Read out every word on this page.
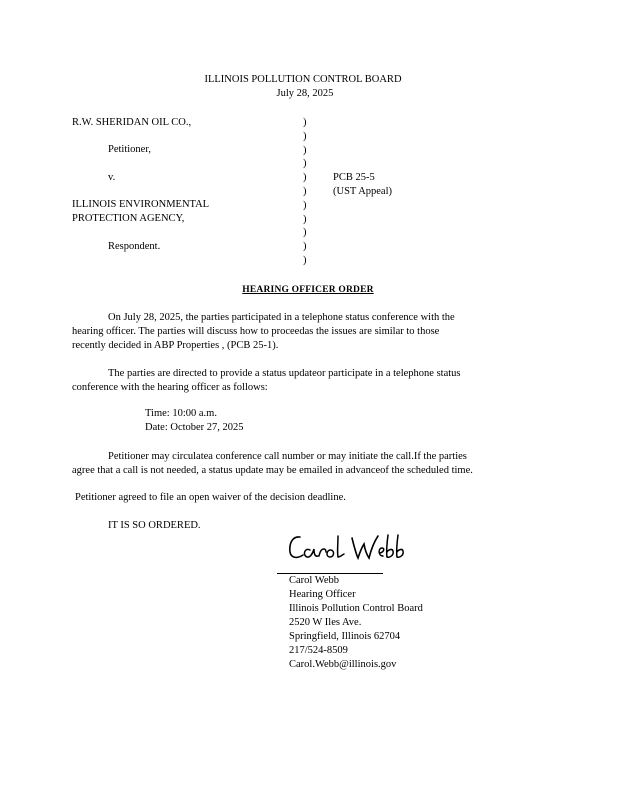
ILLINOIS POLLUTION CONTROL BOARD
July 28, 2025
R.W. SHERIDAN OIL CO.,
Petitioner,
v.
ILLINOIS ENVIRONMENTAL
PROTECTION AGENCY,
Respondent.
)
)
)
)
)
)
)
)
)
)
)
PCB 25-5
(UST Appeal)
HEARING OFFICER ORDER
On July 28, 2025, the parties participated in a telephone status conference with the
hearing officer. The parties will discuss how to proceedas the issues are similar to those
recently decided in ABP Properties , (PCB 25-1).
The parties are directed to provide a status updateor participate in a telephone status
conference with the hearing officer as follows:
Time: 10:00 a.m.
Date: October 27, 2025
Petitioner may circulatea conference call number or may initiate the call.If the parties
agree that a call is not needed, a status update may be emailed in advanceof the scheduled time.
Petitioner agreed to file an open waiver of the decision deadline.
IT IS SO ORDERED.
Carol Webb
Hearing Officer
Illinois Pollution Control Board
2520 W Iles Ave.
Springfield, Illinois 62704
217/524-8509
Carol.Webb@illinois.gov
